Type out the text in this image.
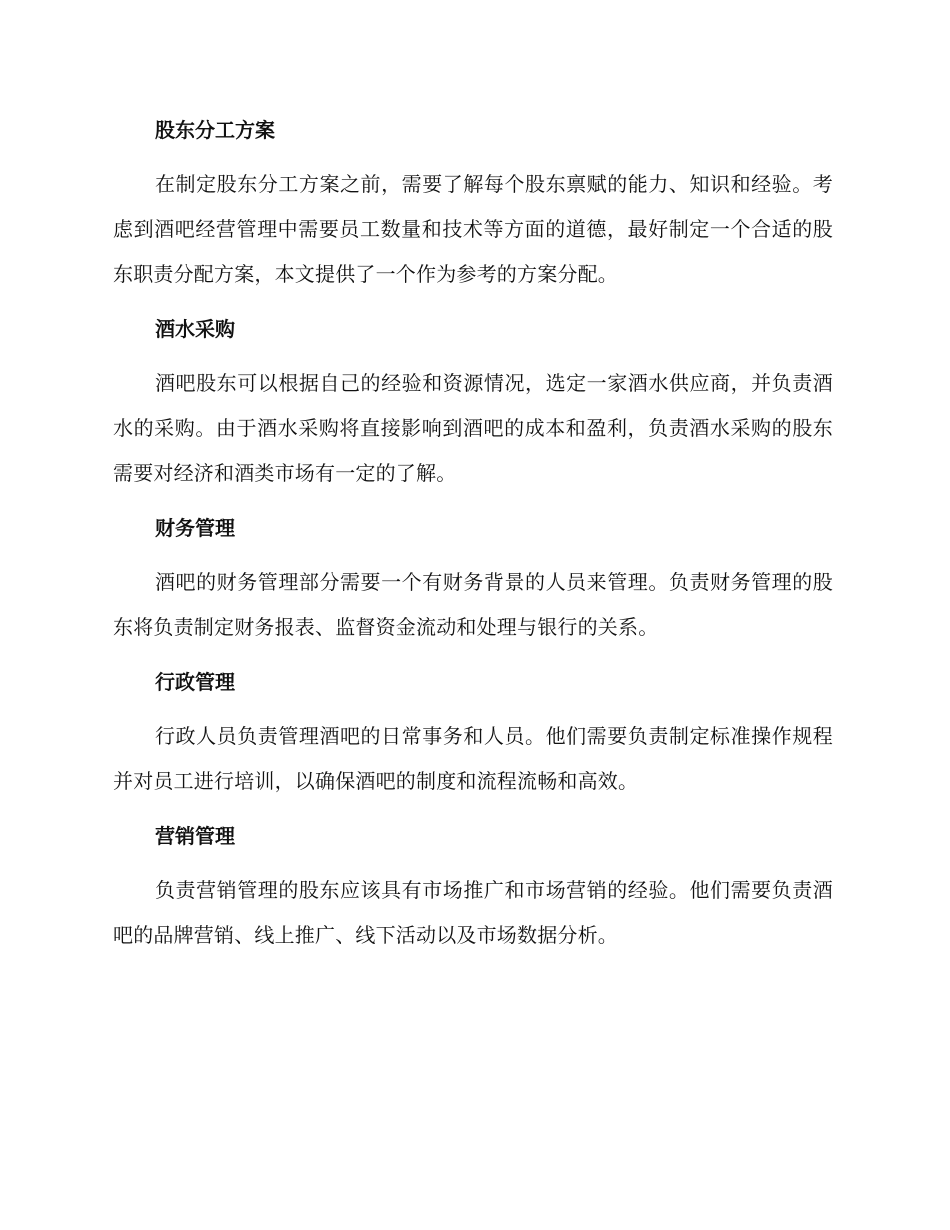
股东分工方案

在制定股东分工方案之前，需要了解每个股东禀赋的能力、知识和经验。考虑到酒吧经营管理中需要员工数量和技术等方面的道德，最好制定一个合适的股东职责分配方案，本文提供了一个作为参考的方案分配。

酒水采购

酒吧股东可以根据自己的经验和资源情况，选定一家酒水供应商，并负责酒水的采购。由于酒水采购将直接影响到酒吧的成本和盈利，负责酒水采购的股东需要对经济和酒类市场有一定的了解。

财务管理

酒吧的财务管理部分需要一个有财务背景的人员来管理。负责财务管理的股东将负责制定财务报表、监督资金流动和处理与银行的关系。

行政管理

行政人员负责管理酒吧的日常事务和人员。他们需要负责制定标准操作规程并对员工进行培训，以确保酒吧的制度和流程流畅和高效。

营销管理

负责营销管理的股东应该具有市场推广和市场营销的经验。他们需要负责酒吧的品牌营销、线上推广、线下活动以及市场数据分析。
